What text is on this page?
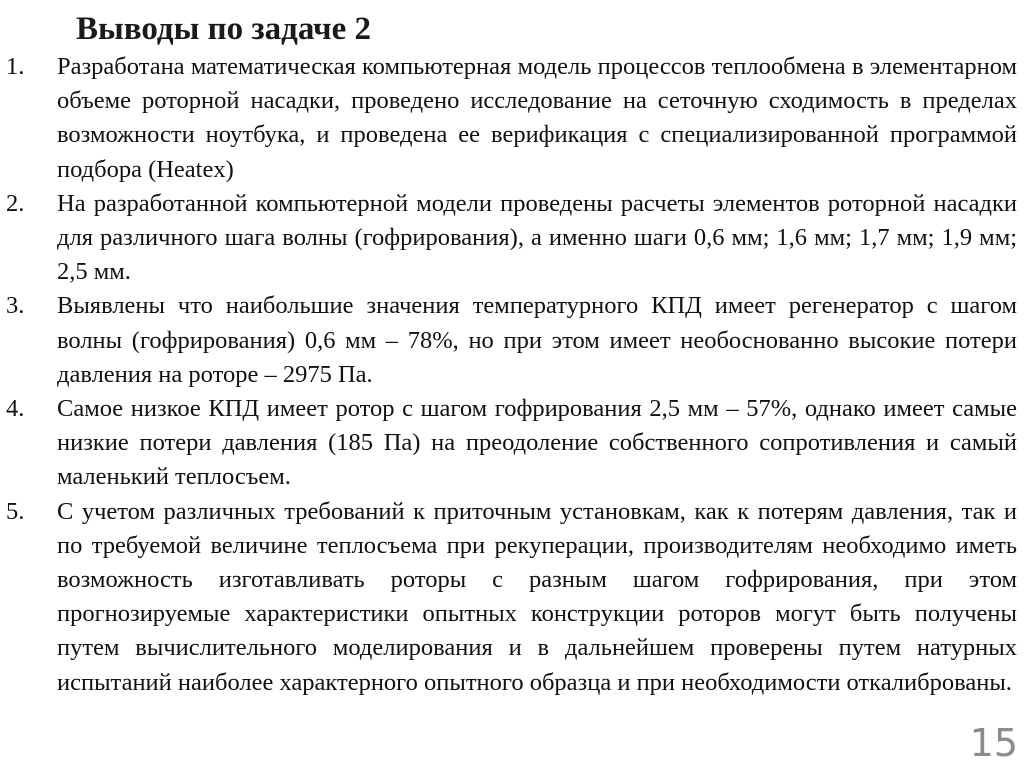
Выводы по задаче 2
1. Разработана математическая компьютерная модель процессов теплообмена в элементарном объеме роторной насадки, проведено исследование на сеточную сходимость в пределах возможности ноутбука, и проведена ее верификация с специализированной программой подбора (Heatex)
2. На разработанной компьютерной модели проведены расчеты элементов роторной насадки для различного шага волны (гофрирования), а именно шаги 0,6 мм; 1,6 мм; 1,7 мм; 1,9 мм; 2,5 мм.
3. Выявлены что наибольшие значения температурного КПД имеет регенератор с шагом волны (гофрирования) 0,6 мм – 78%, но при этом имеет необоснованно высокие потери давления на роторе – 2975 Па.
4. Самое низкое КПД имеет ротор с шагом гофрирования 2,5 мм – 57%, однако имеет самые низкие потери давления (185 Па) на преодоление собственного сопротивления и самый маленький теплосъем.
5. С учетом различных требований к приточным установкам, как к потерям давления, так и по требуемой величине теплосъема при рекуперации, производителям необходимо иметь возможность изготавливать роторы с разным шагом гофрирования, при этом прогнозируемые характеристики опытных конструкции роторов могут быть получены путем вычислительного моделирования и в дальнейшем проверены путем натурных испытаний наиболее характерного опытного образца и при необходимости откалиброваны.
15
